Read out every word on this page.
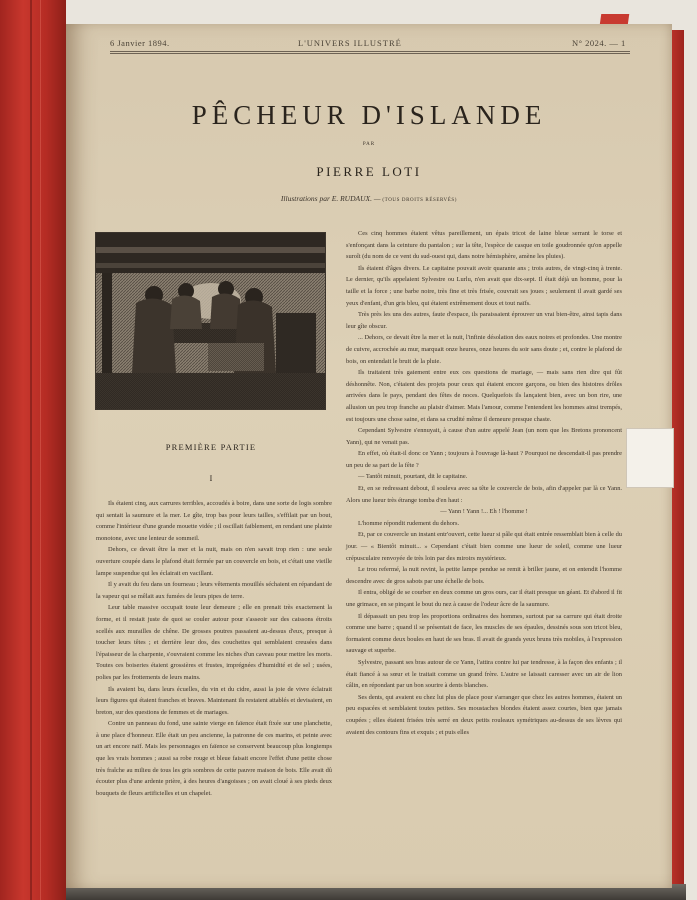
6 Janvier 1894.	L'UNIVERS ILLUSTRÉ	N° 2024. — 1
PÊCHEUR D'ISLANDE
PAR
PIERRE LOTI
Illustrations par E. RUDAUX. — (TOUS DROITS RÉSERVÉS)
PREMIÈRE PARTIE
I

Ils étaient cinq, aux carrures terribles, accoudés à boire, dans une sorte de logis sombre qui sentait la saumure et la mer. Le gîte, trop bas pour leurs tailles, s'effilait par un bout, comme l'intérieur d'une grande mouette vidée ; il oscillait faiblement, en rendant une plainte monotone, avec une lenteur de sommeil.

Dehors, ce devait être la mer et la nuit, mais on n'en savait trop rien : une seule ouverture coupée dans le plafond était fermée par un couvercle en bois, et c'était une vieille lampe suspendue qui les éclairait en vacillant.

Il y avait du feu dans un fourneau ; leurs vêtements mouillés séchaient en répandant de la vapeur qui se mêlait aux fumées de leurs pipes de terre.

Leur table massive occupait toute leur demeure ; elle en prenait très exactement la forme, et il restait juste de quoi se couler autour pour s'asseoir sur des caissons étroits scellés aux murailles de chêne. De grosses poutres passaient au-dessus d'eux, presque à toucher leurs têtes ; et derrière leur dos, des couchettes qui semblaient creusées dans l'épaisseur de la charpente, s'ouvraient comme les niches d'un caveau pour mettre les morts. Toutes ces boiseries étaient grossières et frustes, imprégnées d'humidité et de sel ; usées, polies par les frottements de leurs mains.

Ils avaient bu, dans leurs écuelles, du vin et du cidre, aussi la joie de vivre éclairait leurs figures qui étaient franches et braves. Maintenant ils restaient attablés et devisaient, en breton, sur des questions de femmes et de mariages.

Contre un panneau du fond, une sainte vierge en faïence était fixée sur une planchette, à une place d'honneur. Elle était un peu ancienne, la patronne de ces marins, et peinte avec un art encore naïf. Mais les personnages en faïence se conservent beaucoup plus longtemps que les vrais hommes ; aussi sa robe rouge et bleue faisait encore l'effet d'une petite chose très fraîche au milieu de tous les gris sombres de cette pauvre maison de bois. Elle avait dû écouter plus d'une ardente prière, à des heures d'angoisses ; on avait cloué à ses pieds deux bouquets de fleurs artificielles et un chapelet.

Ces cinq hommes étaient vêtus pareillement, un épais tricot de laine bleue serrant le torse et s'enfonçant dans la ceinture du pantalon ; sur la tête, l'espèce de casque en toile goudronnée qu'on appelle suroît (du nom de ce vent du sud-ouest qui, dans notre hémisphère, amène les pluies).

Ils étaient d'âges divers. Le capitaine pouvait avoir quarante ans ; trois autres, de vingt-cinq à trente. Le dernier, qu'ils appelaient Sylvestre ou Lurlu, n'en avait que dix-sept. Il était déjà un homme, pour la taille et la force ; une barbe noire, très fine et très frisée, couvrait ses joues ; seulement il avait gardé ses yeux d'enfant, d'un gris bleu, qui étaient extrêmement doux et tout naïfs.

Très près les uns des autres, faute d'espace, ils paraissaient éprouver un vrai bien-être, ainsi tapis dans leur gîte obscur.

... Dehors, ce devait être la mer et la nuit, l'infinie désolation des eaux noires et profondes. Une montre de cuivre, accrochée au mur, marquait onze heures, onze heures du soir sans doute ; et, contre le plafond de bois, on entendait le bruit de la pluie.

Ils traitaient très gaiement entre eux ces questions de mariage, — mais sans rien dire qui fût déshonnête. Non, c'étaient des projets pour ceux qui étaient encore garçons, ou bien des histoires drôles arrivées dans le pays, pendant des fêtes de noces. Quelquefois ils lançaient bien, avec un bon rire, une allusion un peu trop franche au plaisir d'aimer. Mais l'amour, comme l'entendent les hommes ainsi trempés, est toujours une chose saine, et dans sa crudité même il demeure presque chaste.

Cependant Sylvestre s'ennuyait, à cause d'un autre appelé Jean (un nom que les Bretons prononcent Yann), qui ne venait pas.

En effet, où était-il donc ce Yann ; toujours à l'ouvrage là-haut ? Pourquoi ne descendait-il pas prendre un peu de sa part de la fête ?

— Tantôt minuit, pourtant, dit le capitaine.

Et, en se redressant debout, il souleva avec sa tête le couvercle de bois, afin d'appeler par là ce Yann. Alors une lueur très étrange tomba d'en haut :

— Yann ! Yann !... Eh ! l'homme !

L'homme répondit rudement du dehors.

Et, par ce couvercle un instant entr'ouvert, cette lueur si pâle qui était entrée ressemblait bien à celle du jour. — « Bientôt minuit... » Cependant c'était bien comme une lueur de soleil, comme une lueur crépusculaire renvoyée de très loin par des miroirs mystérieux.

Le trou refermé, la nuit revint, la petite lampe pendue se remit à briller jaune, et on entendit l'homme descendre avec de gros sabots par une échelle de bois.

Il entra, obligé de se courber en deux comme un gros ours, car il était presque un géant. Et d'abord il fit une grimace, en se pinçant le bout du nez à cause de l'odeur âcre de la saumure.

Il dépassait un peu trop les proportions ordinaires des hommes, surtout par sa carrure qui était droite comme une barre ; quand il se présentait de face, les muscles de ses épaules, dessinés sous son tricot bleu, formaient comme deux boules en haut de ses bras. Il avait de grands yeux bruns très mobiles, à l'expression sauvage et superbe.

Sylvestre, passant ses bras autour de ce Yann, l'attira contre lui par tendresse, à la façon des enfants ; il était fiancé à sa sœur et le traitait comme un grand frère. L'autre se laissait caresser avec un air de lion câlin, en répondant par un bon sourire à dents blanches.

Ses dents, qui avaient eu chez lui plus de place pour s'arranger que chez les autres hommes, étaient un peu espacées et semblaient toutes petites. Ses moustaches blondes étaient assez courtes, bien que jamais coupées ; elles étaient frisées très serré en deux petits rouleaux symétriques au-dessus de ses lèvres qui avaient des contours fins et exquis ; et puis elles
